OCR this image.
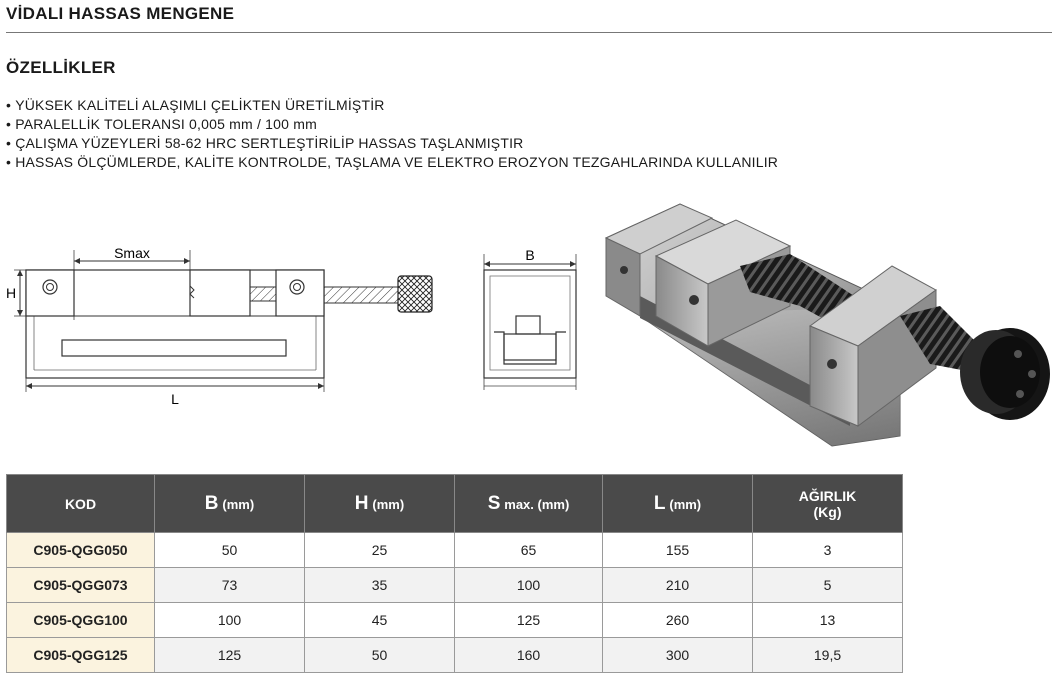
VİDALI HASSAS MENGENE
ÖZELLİKLER
• YÜKSEK KALİTELİ ALAŞIMLI ÇELİKTEN ÜRETİLMİŞTİR
• PARALELLİK TOLERANSI 0,005 mm / 100 mm
• ÇALIŞMA YÜZEYLERİ 58-62 HRC SERTLEŞTİRİLİP HASSAS TAŞLANMIŞTIR
• HASSAS ÖLÇÜMLERDE, KALİTE KONTROLDE, TAŞLAMA VE ELEKTRO EROZYON TEZGAHLARINDA KULLANILIR
Smax
H
L
B
KOD	B (mm)	H (mm)	S max. (mm)	L (mm)	AĞIRLIK
(Kg)
C905-QGG050	50	25	65	155	3
C905-QGG073	73	35	100	210	5
C905-QGG100	100	45	125	260	13
C905-QGG125	125	50	160	300	19,5
